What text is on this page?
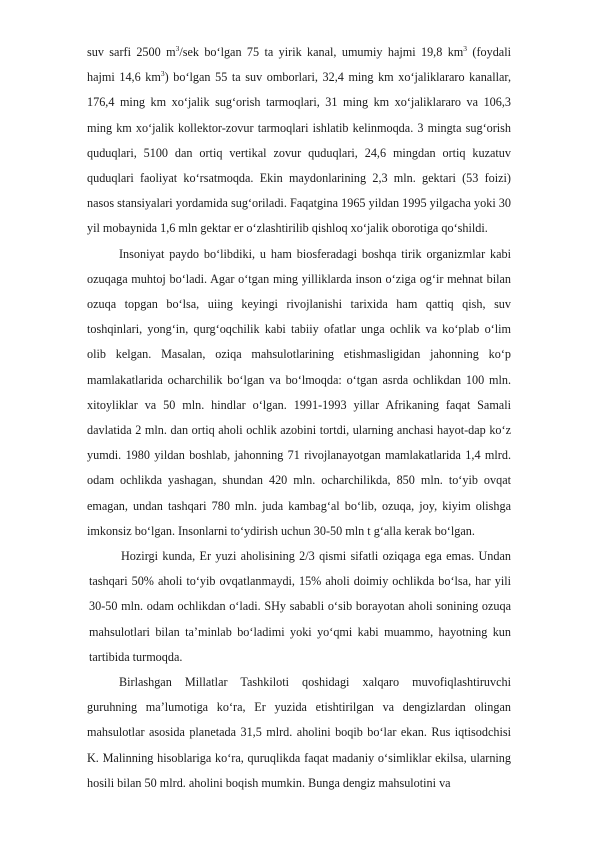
suv sarfi 2500 $m^3$/sek bo‘lgan 75 ta yirik kanal, umumiy hajmi 19,8 $km^3$ (foydali hajmi 14,6 $km^3$) bo‘lgan 55 ta suv omborlari, 32,4 ming km xo‘jaliklararo kanallar, 176,4 ming km xo‘jalik sug‘orish tarmoqlari, 31 ming km xo‘jaliklararo va 106,3 ming km xo‘jalik kollektor-zovur tarmoqlari ishlatib kelinmoqda. 3 mingta sug‘orish quduqlari, 5100 dan ortiq vertikal zovur quduqlari, 24,6 mingdan ortiq kuzatuv quduqlari faoliyat ko‘rsatmoqda. Ekin maydonlarining 2,3 mln. gektari (53 foizi) nasos stansiyalari yordamida sug‘oriladi. Faqatgina 1965 yildan 1995 yilgacha yoki 30 yil mobaynida 1,6 mln gektar er o‘zlashtirilib qishloq xo‘jalik oborotiga qo‘shildi.

Insoniyat paydo bo‘libdiki, u ham biosferadagi boshqa tirik organizmlar kabi ozuqaga muhtoj bo‘ladi. Agar o‘tgan ming yilliklarda inson o‘ziga og‘ir mehnat bilan ozuqa topgan bo‘lsa, uiing keyingi rivojlanishi tarixida ham qattiq qish, suv toshqinlari, yong‘in, qurg‘oqchilik kabi tabiiy ofatlar unga ochlik va ko‘plab o‘lim olib kelgan. Masalan, oziqa mahsulotlarining etishmasligidan jahonning ko‘p mamlakatlarida ocharchilik bo‘lgan va bo‘lmoqda: o‘tgan asrda ochlikdan 100 mln. xitoyliklar va 50 mln. hindlar o‘lgan. 1991-1993 yillar Afrikaning faqat Samali davlatida 2 mln. dan ortiq aholi ochlik azobini tortdi, ularning anchasi hayot-dap ko‘z yumdi. 1980 yildan boshlab, jahonning 71 rivojlanayotgan mamlakatlarida 1,4 mlrd. odam ochlikda yashagan, shundan 420 mln. ocharchilikda, 850 mln. to‘yib ovqat emagan, undan tashqari 780 mln. juda kambag‘al bo‘lib, ozuqa, joy, kiyim olishga imkonsiz bo‘lgan. Insonlarni to‘ydirish uchun 30-50 mln t g‘alla kerak bo‘lgan.

Hozirgi kunda, Er yuzi aholisining 2/3 qismi sifatli oziqaga ega emas. Undan tashqari 50% aholi to‘yib ovqatlanmaydi, 15% aholi doimiy ochlikda bo‘lsa, har yili 30-50 mln. odam ochlikdan o‘ladi. SHy sababli o‘sib borayotan aholi sonining ozuqa mahsulotlari bilan ta’minlab bo‘ladimi yoki yo‘qmi kabi muammo, hayotning kun tartibida turmoqda.

Birlashgan Millatlar Tashkiloti qoshidagi xalqaro muvofiqlashtiruvchi guruhning ma’lumotiga ko‘ra, Er yuzida etishtirilgan va dengizlardan olingan mahsulotlar asosida planetada 31,5 mlrd. aholini boqib bo‘lar ekan. Rus iqtisodchisi K. Malinning hisoblariga ko‘ra, quruqlikda faqat madaniy o‘simliklar ekilsa, ularning hosili bilan 50 mlrd. aholini boqish mumkin. Bunga dengiz mahsulotini va
